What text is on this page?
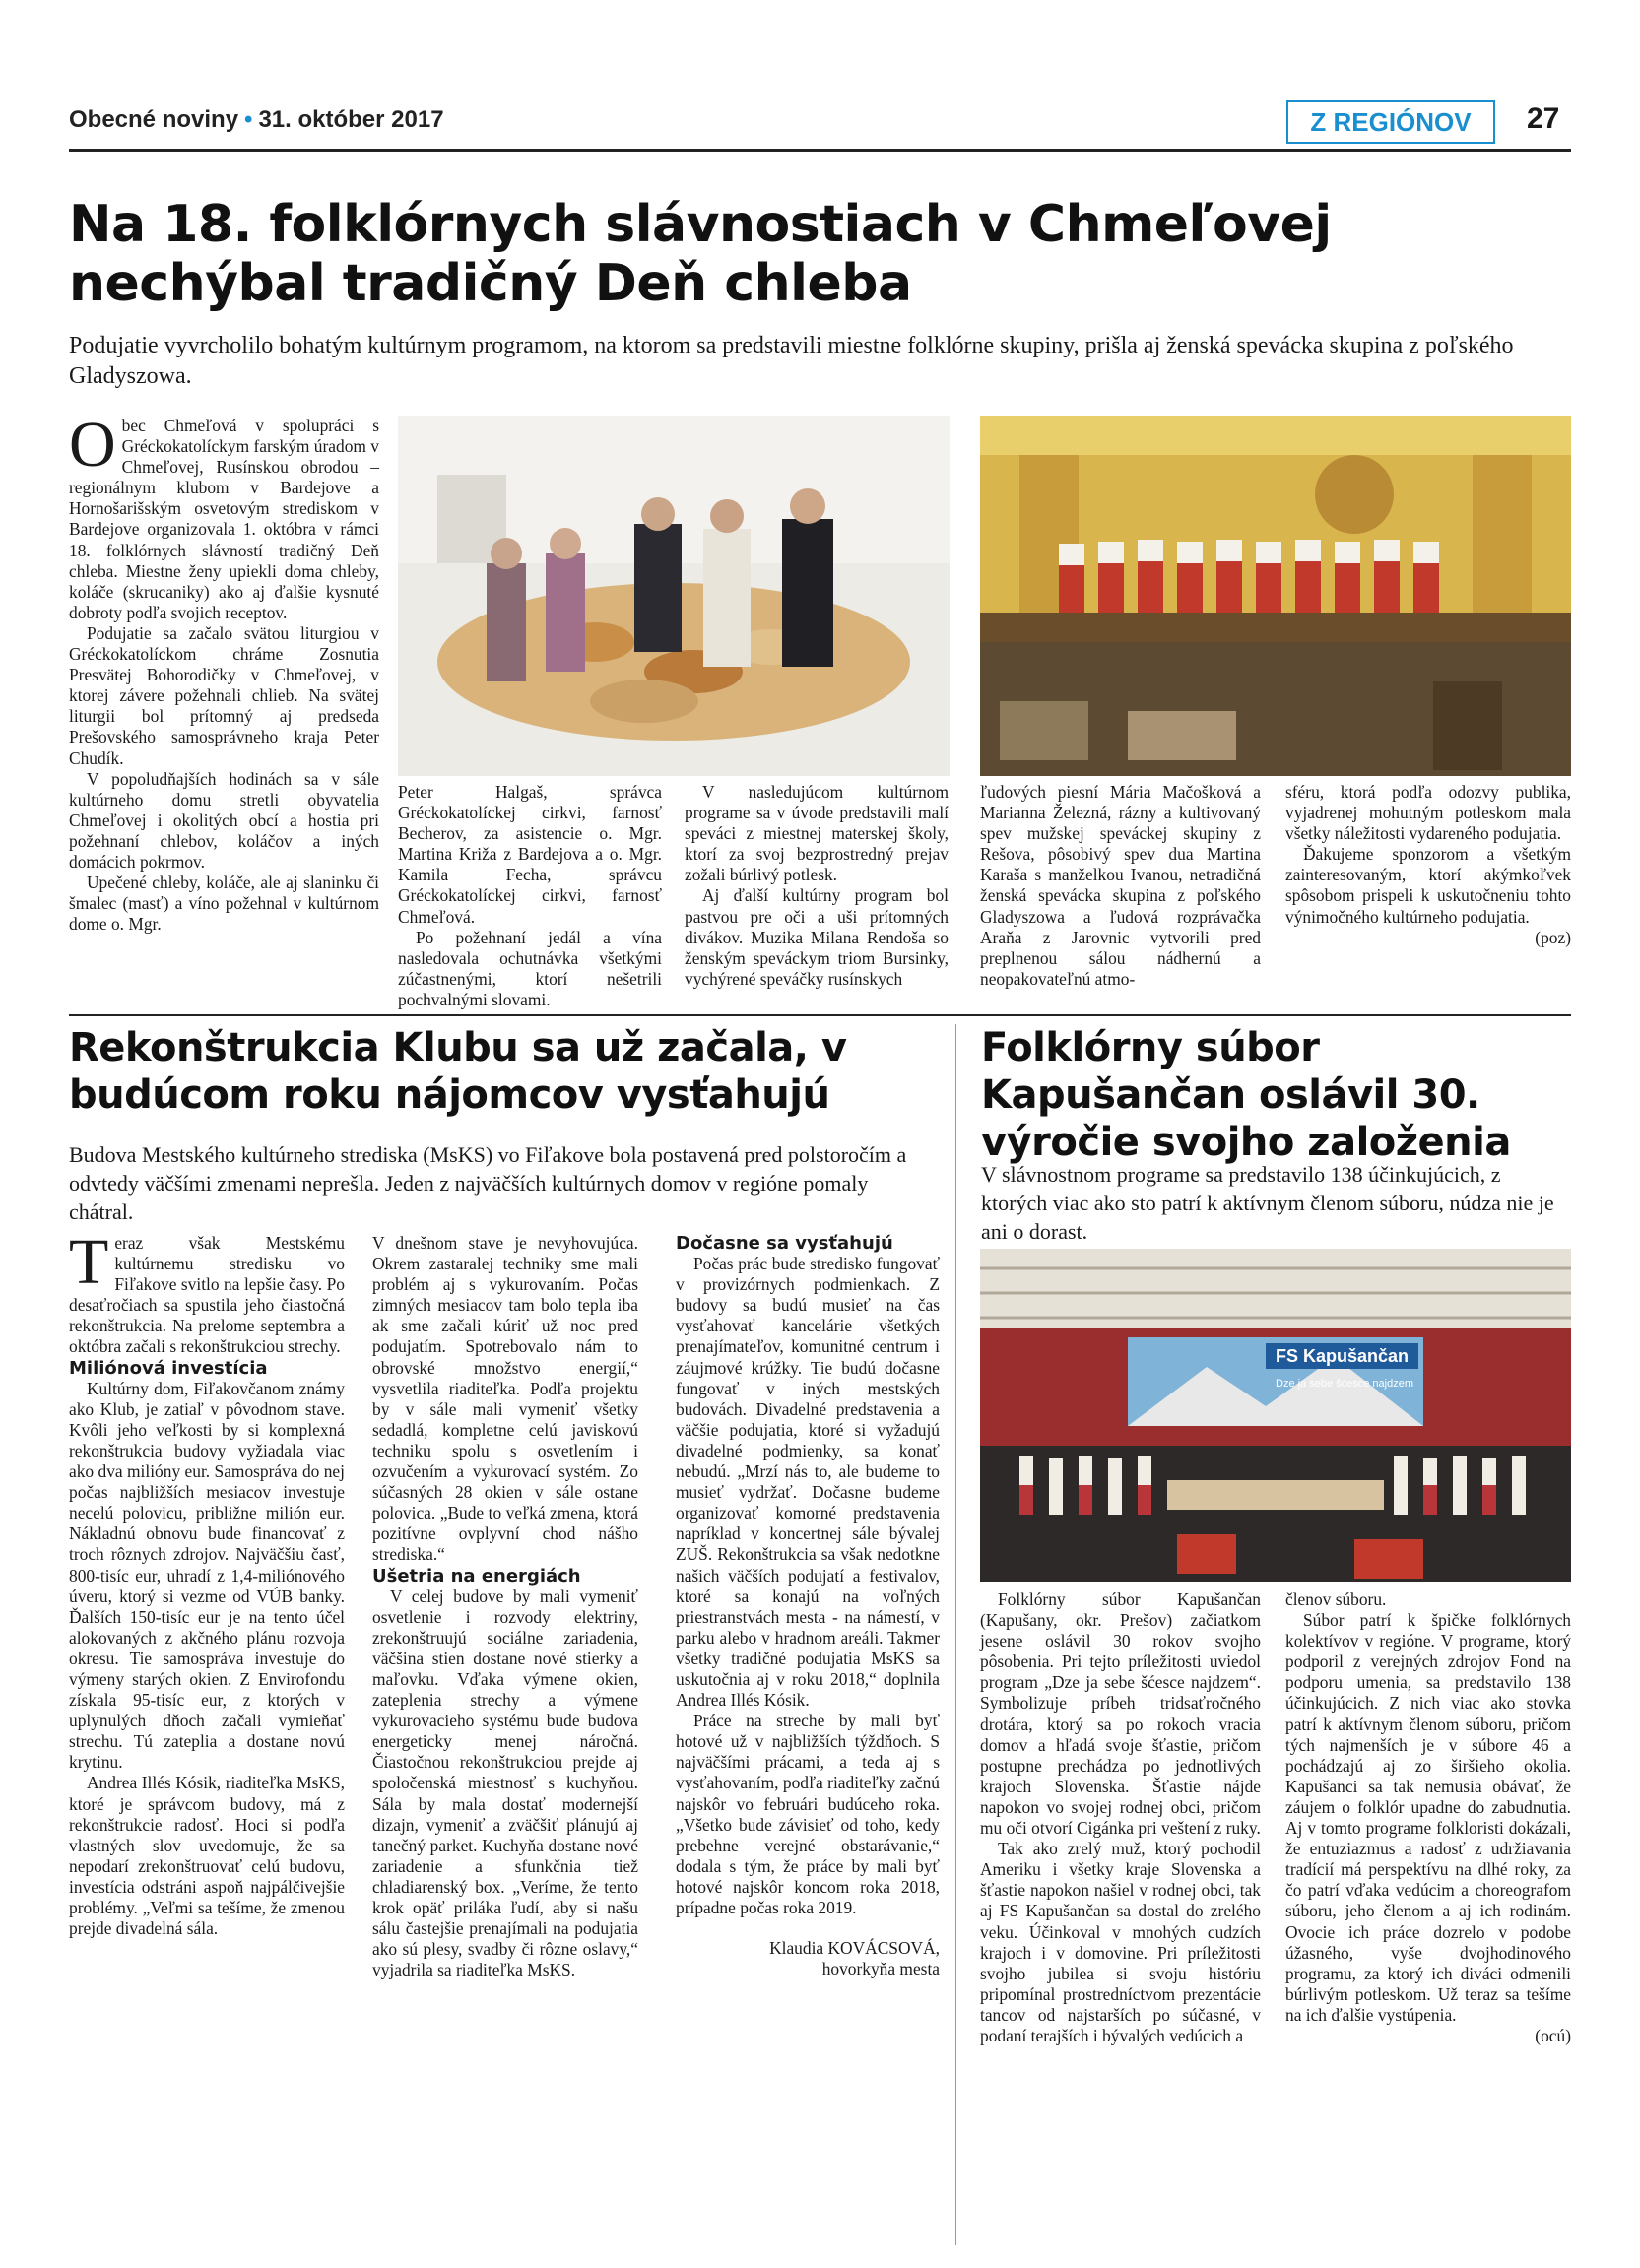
Obecné noviny • 31. október 2017	Z REGIÓNOV	27
Na 18. folklórnych slávnostiach v Chmeľovej nechýbal tradičný Deň chleba
Podujatie vyvrcholilo bohatým kultúrnym programom, na ktorom sa predstavili miestne folklórne skupiny, prišla aj ženská spevácka skupina z poľského Gladyszowa.

Obec Chmeľová v spolupráci s Gréckokatolíckym farským úradom v Chmeľovej, Rusínskou obrodou – regionálnym klubom v Bardejove a Hornošarišským osvetovým strediskom v Bardejove organizovala 1. októbra v rámci 18. folklórnych slávností tradičný Deň chleba. Miestne ženy upiekli doma chleby, koláče (skrucaniky) ako aj ďalšie kysnuté dobroty podľa svojich receptov.

Podujatie sa začalo svätou liturgiou v Gréckokatolíckom chráme Zosnutia Presvätej Bohorodičky v Chmeľovej, v ktorej závere požehnali chlieb. Na svätej liturgii bol prítomný aj predseda Prešovského samosprávneho kraja Peter Chudík.

V popoludňajších hodinách sa v sále kultúrneho domu stretli obyvatelia Chmeľovej i okolitých obcí a hostia pri požehnaní chlebov, koláčov a iných domácich pokrmov.

Upečené chleby, koláče, ale aj slaninku či šmalec (masť) a víno požehnal v kultúrnom dome o. Mgr.

Peter Halgaš, správca Gréckokatolíckej cirkvi, farnosť Becherov, za asistencie o. Mgr. Martina Križa z Bardejova a o. Mgr. Kamila Fecha, správcu Gréckokatolíckej cirkvi, farnosť Chmeľová.

Po požehnaní jedál a vína nasledovala ochutnávka všetkými zúčastnenými, ktorí nešetrili pochvalnými slovami.

V nasledujúcom kultúrnom programe sa v úvode predstavili malí speváci z miestnej materskej školy, ktorí za svoj bezprostredný prejav zožali búrlivý potlesk.

Aj ďalší kultúrny program bol pastvou pre oči a uši prítomných divákov. Muzika Milana Rendoša so ženským speváckym triom Bursinky, vychýrené speváčky rusínskych

ľudových piesní Mária Mačošková a Marianna Železná, rázny a kultivovaný spev mužskej speváckej skupiny z Rešova, pôsobivý spev dua Martina Karaša s manželkou Ivanou, netradičná ženská spevácka skupina z poľského Gladyszowa a ľudová rozprávačka Araňa z Jarovnic vytvorili pred preplnenou sálou nádhernú a neopakovateľnú atmo-

sféru, ktorá podľa odozvy publika, vyjadrenej mohutným potleskom mala všetky náležitosti vydareného podujatia.

Ďakujeme sponzorom a všetkým zainteresovaným, ktorí akýmkoľvek spôsobom prispeli k uskutočneniu tohto výnimočného kultúrneho podujatia.

(poz)

Rekonštrukcia Klubu sa už začala, v budúcom roku nájomcov vysťahujú
Budova Mestského kultúrneho strediska (MsKS) vo Fiľakove bola postavená pred polstoročím a odvtedy väčšími zmenami neprešla. Jeden z najväčších kultúrnych domov v regióne pomaly chátral.

Teraz však Mestskému kultúrnemu stredisku vo Fiľakove svitlo na lepšie časy. Po desaťročiach sa spustila jeho čiastočná rekonštrukcia. Na prelome septembra a októbra začali s rekonštrukciou strechy.

Miliónová investícia

Kultúrny dom, Fiľakovčanom známy ako Klub, je zatiaľ v pôvodnom stave. Kvôli jeho veľkosti by si komplexná rekonštrukcia budovy vyžiadala viac ako dva milióny eur. Samospráva do nej počas najbližších mesiacov investuje necelú polovicu, približne milión eur. Nákladnú obnovu bude financovať z troch rôznych zdrojov. Najväčšiu časť, 800-tisíc eur, uhradí z 1,4-miliónového úveru, ktorý si vezme od VÚB banky. Ďalších 150-tisíc eur je na tento účel alokovaných z akčného plánu rozvoja okresu. Tie samospráva investuje do výmeny starých okien. Z Envirofondu získala 95-tisíc eur, z ktorých v uplynulých dňoch začali vymieňať strechu. Tú zateplia a dostane novú krytinu.

Andrea Illés Kósik, riaditeľka MsKS, ktoré je správcom budovy, má z rekonštrukcie radosť. Hoci si podľa vlastných slov uvedomuje, že sa nepodarí zrekonštruovať celú budovu, investícia odstráni aspoň najpálčivejšie problémy. „Veľmi sa tešíme, že zmenou prejde divadelná sála.

V dnešnom stave je nevyhovujúca. Okrem zastaralej techniky sme mali problém aj s vykurovaním. Počas zimných mesiacov tam bolo tepla iba ak sme začali kúriť už noc pred podujatím. Spotrebovalo nám to obrovské množstvo energií,“ vysvetlila riaditeľka. Podľa projektu by v sále mali vymeniť všetky sedadlá, kompletne celú javiskovú techniku spolu s osvetlením i ozvučením a vykurovací systém. Zo súčasných 28 okien v sále ostane polovica. „Bude to veľká zmena, ktorá pozitívne ovplyvní chod nášho strediska.“

Ušetria na energiách

V celej budove by mali vymeniť osvetlenie i rozvody elektriny, zrekonštruujú sociálne zariadenia, väčšina stien dostane nové stierky a maľovku. Vďaka výmene okien, zateplenia strechy a výmene vykurovacieho systému bude budova energeticky menej náročná. Čiastočnou rekonštrukciou prejde aj spoločenská miestnosť s kuchyňou. Sála by mala dostať modernejší dizajn, vymeniť a zväčšiť plánujú aj tanečný parket. Kuchyňa dostane nové zariadenie a sfunkčnia tiež chladiarenský box. „Veríme, že tento krok opäť priláka ľudí, aby si našu sálu častejšie prenajímali na podujatia ako sú plesy, svadby či rôzne oslavy,“ vyjadrila sa riaditeľka MsKS.

Dočasne sa vysťahujú

Počas prác bude stredisko fungovať v provizórnych podmienkach. Z budovy sa budú musieť na čas vysťahovať kancelárie všetkých prenajímateľov, komunitné centrum i záujmové krúžky. Tie budú dočasne fungovať v iných mestských budovách. Divadelné predstavenia a väčšie podujatia, ktoré si vyžadujú divadelné podmienky, sa konať nebudú. „Mrzí nás to, ale budeme to musieť vydržať. Dočasne budeme organizovať komorné predstavenia napríklad v koncertnej sále bývalej ZUŠ. Rekonštrukcia sa však nedotkne našich väčších podujatí a festivalov, ktoré sa konajú na voľných priestranstvách mesta - na námestí, v parku alebo v hradnom areáli. Takmer všetky tradičné podujatia MsKS sa uskutočnia aj v roku 2018,“ doplnila Andrea Illés Kósik.

Práce na streche by mali byť hotové už v najbližších týždňoch. S najväčšími prácami, a teda aj s vysťahovaním, podľa riaditeľky začnú najskôr vo februári budúceho roka. „Všetko bude závisieť od toho, kedy prebehne verejné obstarávanie,“ dodala s tým, že práce by mali byť hotové najskôr koncom roka 2018, prípadne počas roka 2019.

Klaudia KOVÁCSOVÁ,

hovorkyňa mesta

Folklórny súbor Kapušančan oslávil 30. výročie svojho založenia
V slávnostnom programe sa predstavilo 138 účinkujúcich, z ktorých viac ako sto patrí k aktívnym členom súboru, núdza nie je ani o dorast.
FS Kapušančan
Dze ja sebe šćesce najdzem

Folklórny súbor Kapušančan (Kapušany, okr. Prešov) začiatkom jesene oslávil 30 rokov svojho pôsobenia. Pri tejto príležitosti uviedol program „Dze ja sebe šćesce najdzem“. Symbolizuje príbeh tridsaťročného drotára, ktorý sa po rokoch vracia domov a hľadá svoje šťastie, pričom postupne prechádza po jednotlivých krajoch Slovenska. Šťastie nájde napokon vo svojej rodnej obci, pričom mu oči otvorí Cigánka pri veštení z ruky.

Tak ako zrelý muž, ktorý pochodil Ameriku i všetky kraje Slovenska a šťastie napokon našiel v rodnej obci, tak aj FS Kapušančan sa dostal do zrelého veku. Účinkoval v mnohých cudzích krajoch i v domovine. Pri príležitosti svojho jubilea si svoju históriu pripomínal prostredníctvom prezentácie tancov od najstarších po súčasné, v podaní terajších i bývalých vedúcich a

členov súboru.

Súbor patrí k špičke folklórnych kolektívov v regióne. V programe, ktorý podporil z verejných zdrojov Fond na podporu umenia, sa predstavilo 138 účinkujúcich. Z nich viac ako stovka patrí k aktívnym členom súboru, pričom tých najmenších je v súbore 46 a pochádzajú aj zo širšieho okolia. Kapušanci sa tak nemusia obávať, že záujem o folklór upadne do zabudnutia. Aj v tomto programe folkloristi dokázali, že entuziazmus a radosť z udržiavania tradícií má perspektívu na dlhé roky, za čo patrí vďaka vedúcim a choreografom súboru, jeho členom a aj ich rodinám. Ovocie ich práce dozrelo v podobe úžasného, vyše dvojhodinového programu, za ktorý ich diváci odmenili búrlivým potleskom. Už teraz sa tešíme na ich ďalšie vystúpenia.

(ocú)
